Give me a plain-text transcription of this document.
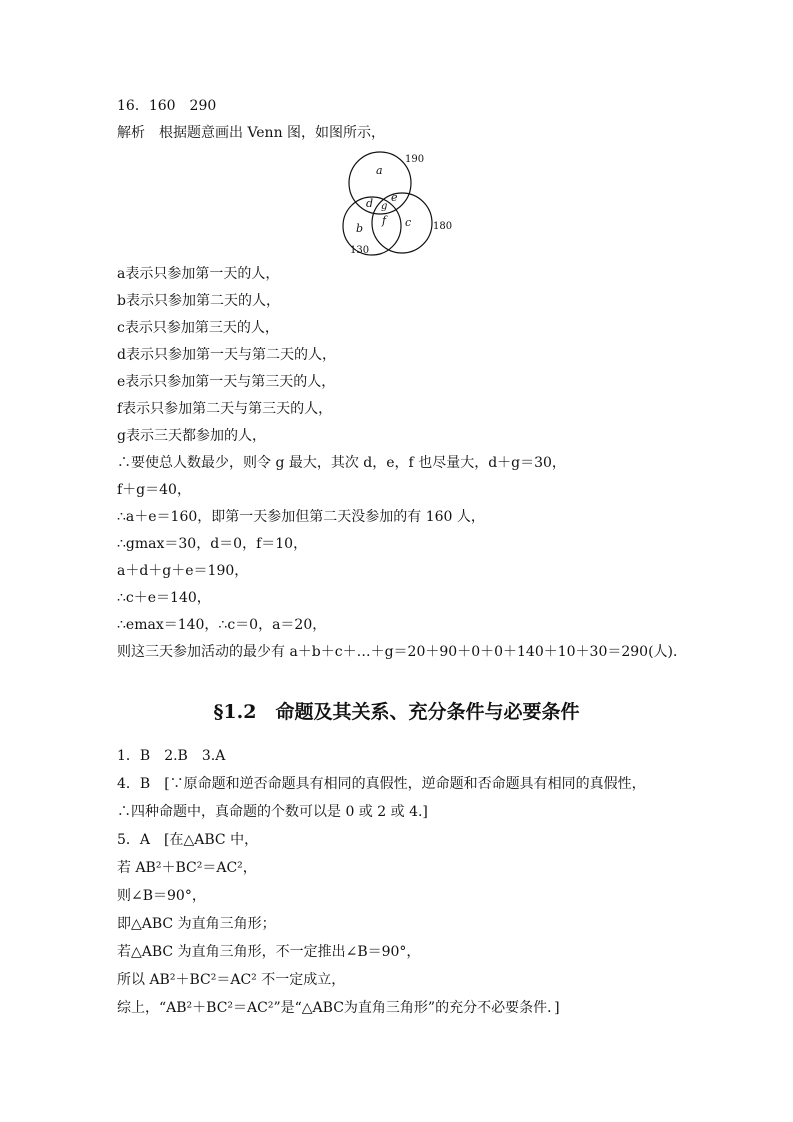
16．160　290
解析　根据题意画出 Venn 图，如图所示，
a
d e
g
f
b	c
190
180
130
a表示只参加第一天的人，
b表示只参加第二天的人，
c表示只参加第三天的人，
d表示只参加第一天与第二天的人，
e表示只参加第一天与第三天的人，
f表示只参加第二天与第三天的人，
g表示三天都参加的人，
∴要使总人数最少，则令 g 最大，其次 d，e，f 也尽量大，d＋g＝30，
f＋g＝40，
∴a＋e＝160，即第一天参加但第二天没参加的有 160 人，
∴gmax＝30，d＝0，f＝10，
a＋d＋g＋e＝190，
∴c＋e＝140，
∴emax＝140，∴c＝0，a＝20，
则这三天参加活动的最少有 a＋b＋c＋…＋g＝20＋90＋0＋0＋140＋10＋30＝290(人)．
§1.2　命题及其关系、充分条件与必要条件
1．B　2.B　3.A
4．B　[∵原命题和逆否命题具有相同的真假性，逆命题和否命题具有相同的真假性，
∴四种命题中，真命题的个数可以是 0 或 2 或 4.]
5．A　[在△ABC 中，
若 AB²＋BC²＝AC²，
则∠B＝90°，
即△ABC 为直角三角形；
若△ABC 为直角三角形，不一定推出∠B＝90°，
所以 AB²＋BC²＝AC² 不一定成立，
综上，“AB²＋BC²＝AC²”是“△ABC为直角三角形”的充分不必要条件．]
